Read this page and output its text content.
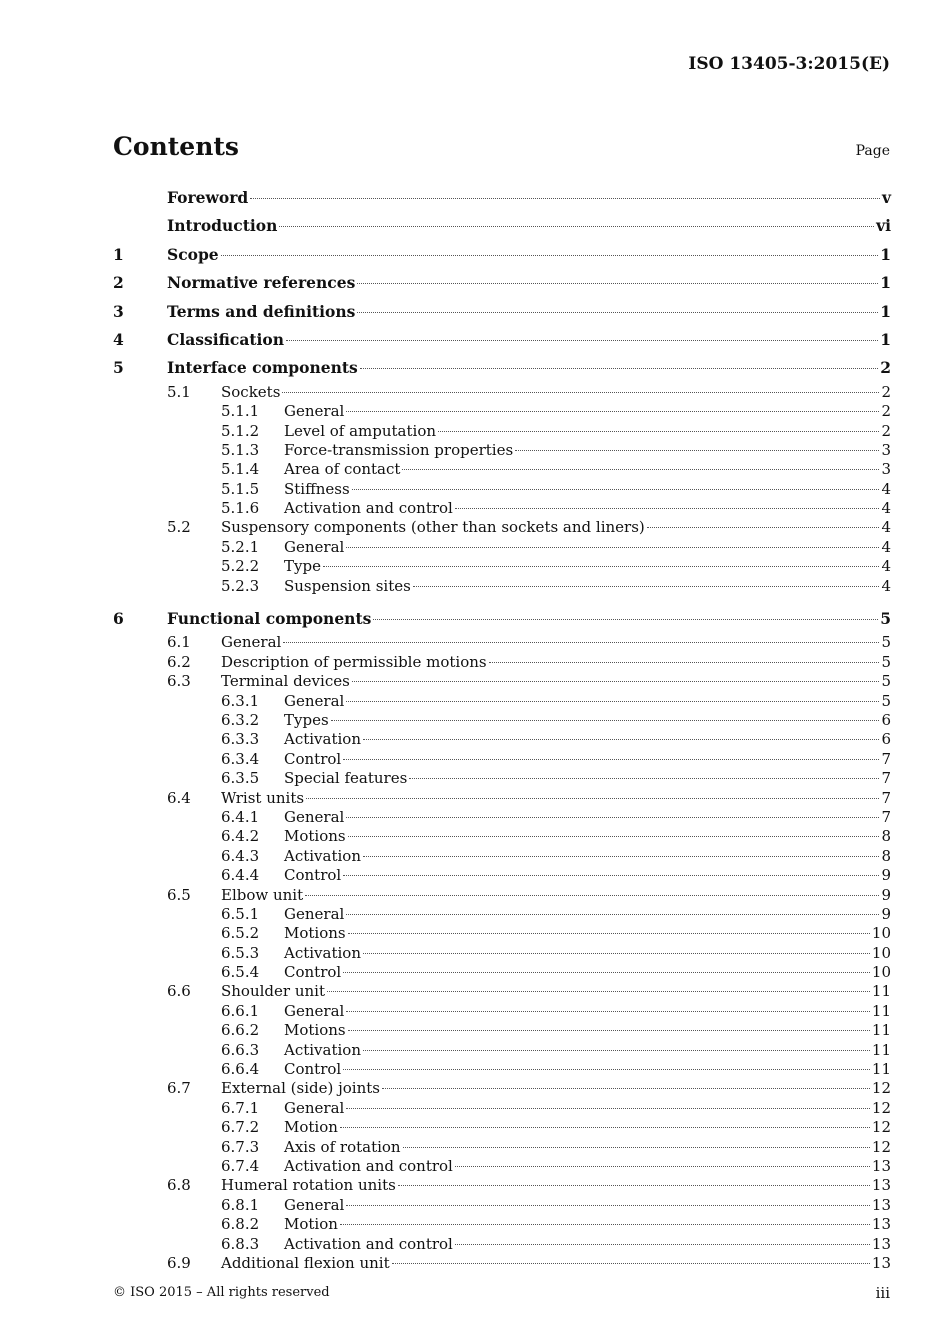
ISO 13405-3:2015(E)
Contents	Page
Foreword	v
Introduction	vi
1	Scope	1
2	Normative references	1
3	Terms and definitions	1
4	Classification	1
5	Interface components	2
5.1	Sockets	2
5.1.1	General	2
5.1.2	Level of amputation	2
5.1.3	Force-transmission properties	3
5.1.4	Area of contact	3
5.1.5	Stiffness	4
5.1.6	Activation and control	4
5.2	Suspensory components (other than sockets and liners)	4
5.2.1	General	4
5.2.2	Type	4
5.2.3	Suspension sites	4
6	Functional components	5
6.1	General	5
6.2	Description of permissible motions	5
6.3	Terminal devices	5
6.3.1	General	5
6.3.2	Types	6
6.3.3	Activation	6
6.3.4	Control	7
6.3.5	Special features	7
6.4	Wrist units	7
6.4.1	General	7
6.4.2	Motions	8
6.4.3	Activation	8
6.4.4	Control	9
6.5	Elbow unit	9
6.5.1	General	9
6.5.2	Motions	10
6.5.3	Activation	10
6.5.4	Control	10
6.6	Shoulder unit	11
6.6.1	General	11
6.6.2	Motions	11
6.6.3	Activation	11
6.6.4	Control	11
6.7	External (side) joints	12
6.7.1	General	12
6.7.2	Motion	12
6.7.3	Axis of rotation	12
6.7.4	Activation and control	13
6.8	Humeral rotation units	13
6.8.1	General	13
6.8.2	Motion	13
6.8.3	Activation and control	13
6.9	Additional flexion unit	13
© ISO 2015 – All rights reserved	iii
